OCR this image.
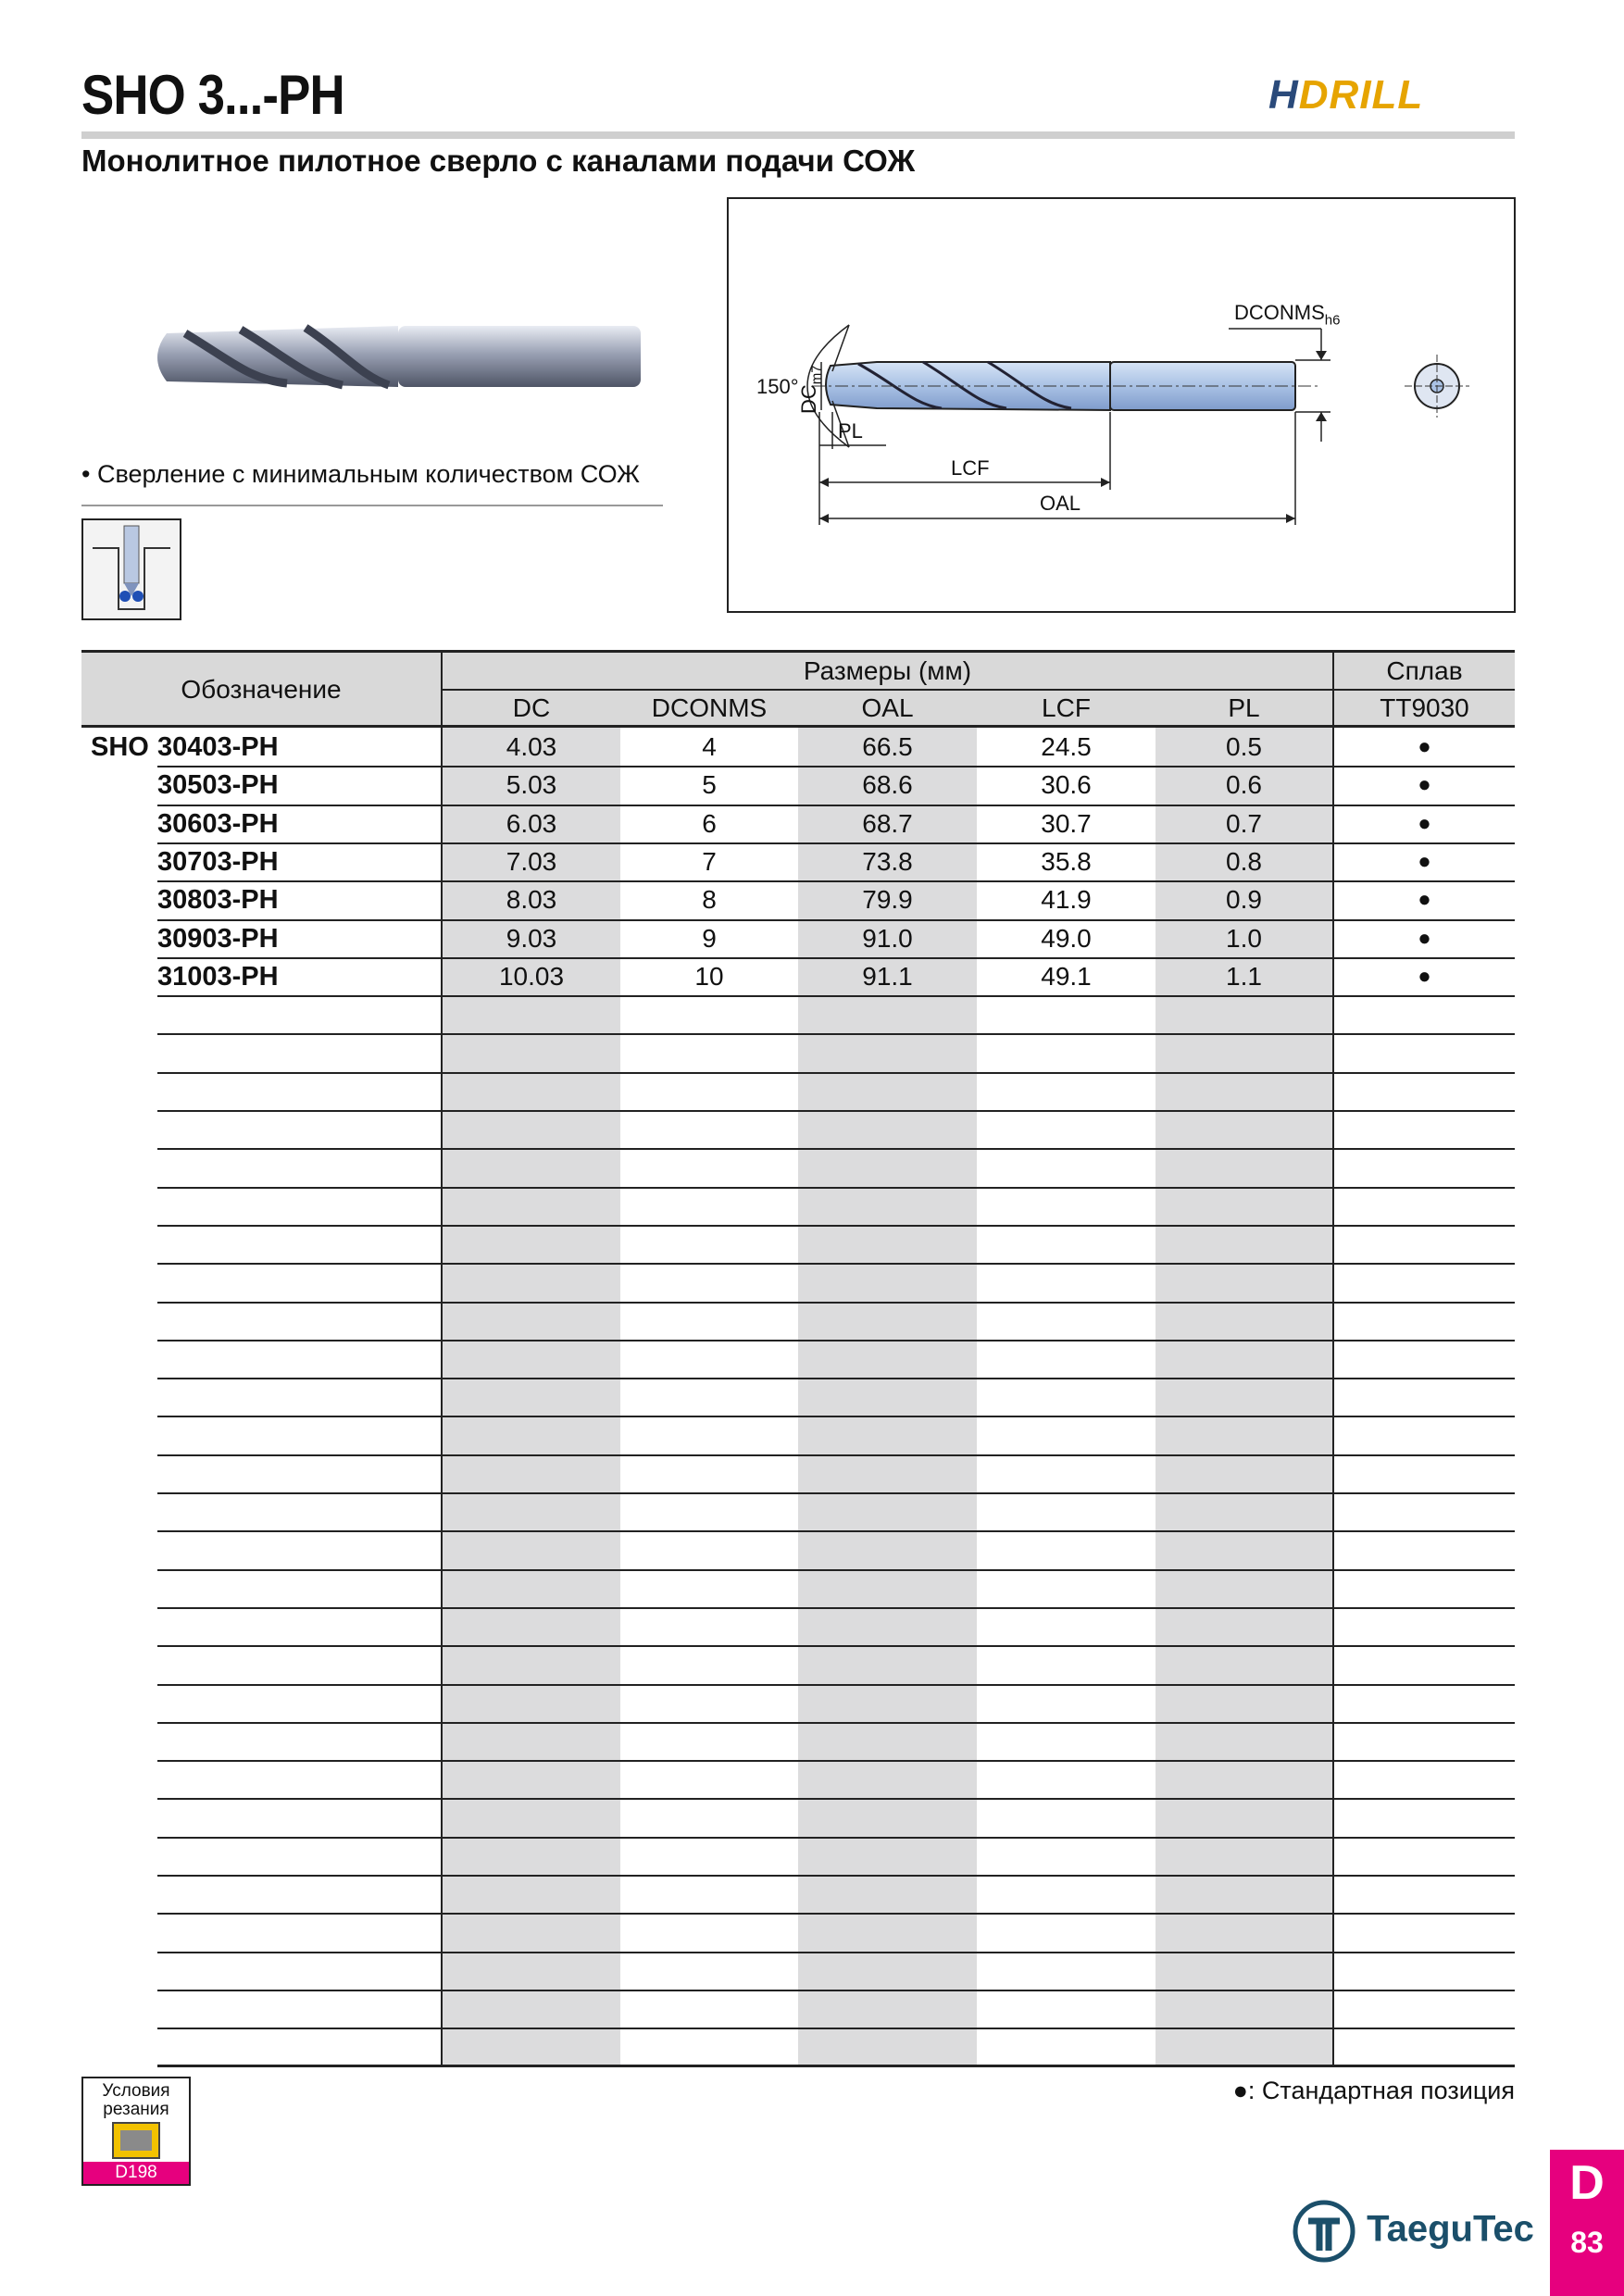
SHO 3...-PH	HDRILL
Монолитное пилотное сверло с каналами подачи СОЖ
• Сверление с минимальным количеством СОЖ
150°
$DC_{m7}$
$DCONMS_{h6}$
PL
LCF
OAL
Обозначение
Размеры (мм)	Сплав
DC	DCONMS	OAL	LCF	PL	TT9030
SHO 30403-PH	4.03	4	66.5	24.5	0.5	●
30503-PH	5.03	5	68.6	30.6	0.6	●
30603-PH	6.03	6	68.7	30.7	0.7	●
30703-PH	7.03	7	73.8	35.8	0.8	●
30803-PH	8.03	8	79.9	41.9	0.9	●
30903-PH	9.03	9	91.0	49.0	1.0	●
31003-PH	10.03	10	91.1	49.1	1.1	●
Условия резания
D198
●: Стандартная позиция
TaeguTec
D
83
